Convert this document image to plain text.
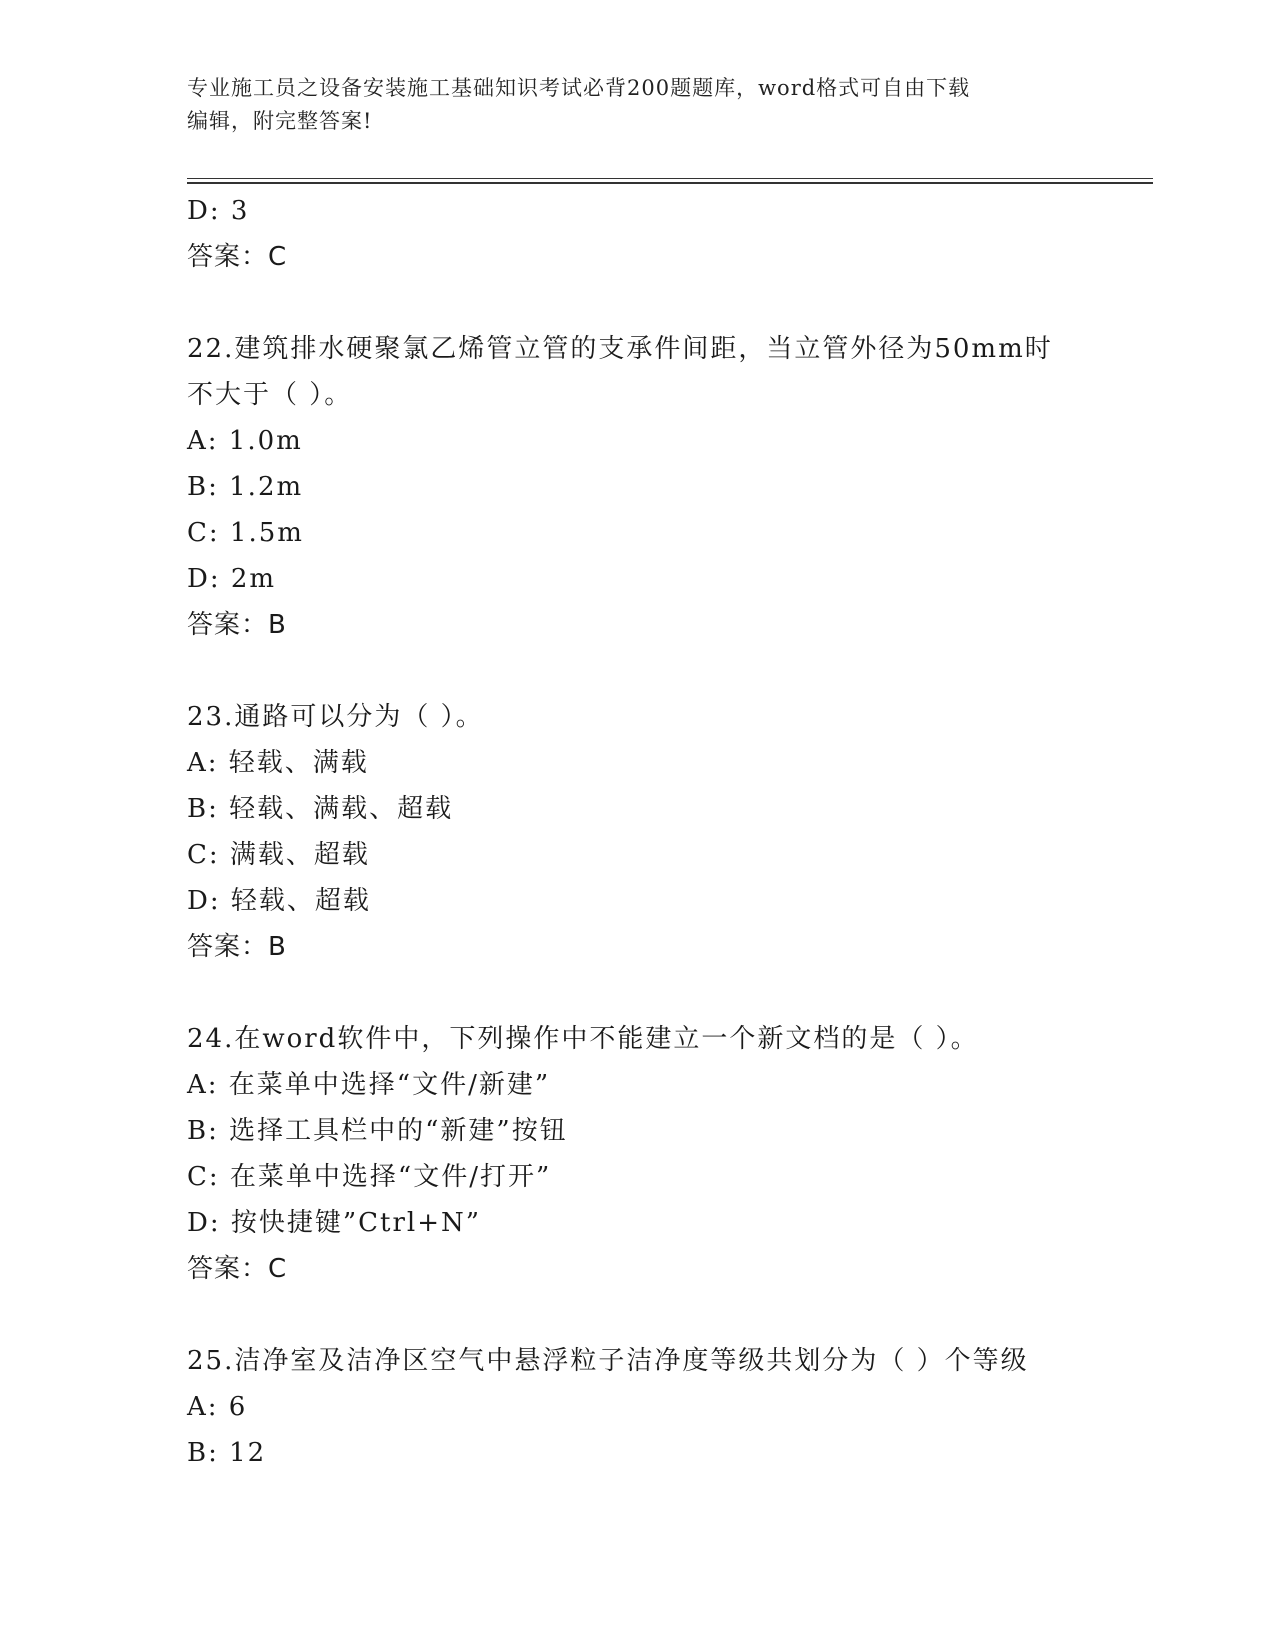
专业施工员之设备安装施工基础知识考试必背200题题库，word格式可自由下载
编辑，附完整答案!
D: 3
答案：C
22.建筑排水硬聚氯乙烯管立管的支承件间距，当立管外径为50mm时
不大于（ ）。
A: 1.0m
B: 1.2m
C: 1.5m
D: 2m
答案：B
23.通路可以分为（ ）。
A: 轻载、满载
B: 轻载、满载、超载
C: 满载、超载
D: 轻载、超载
答案：B
24.在word软件中，下列操作中不能建立一个新文档的是（ ）。
A: 在菜单中选择“文件/新建”
B: 选择工具栏中的“新建”按钮
C: 在菜单中选择“文件/打开”
D: 按快捷键”Ctrl+N”
答案：C
25.洁净室及洁净区空气中悬浮粒子洁净度等级共划分为（ ）个等级
A: 6
B: 12
